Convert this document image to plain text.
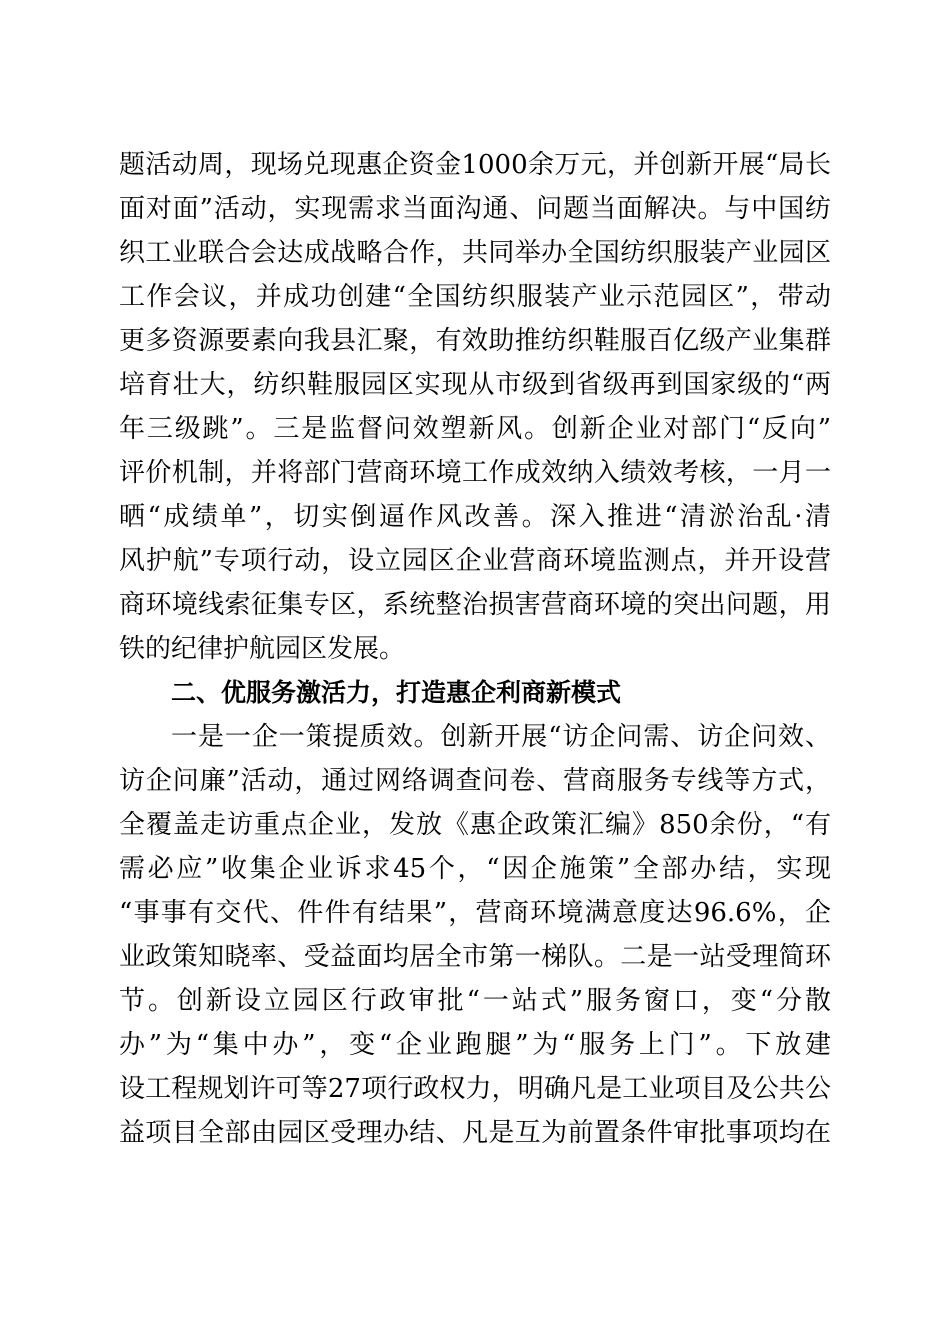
题活动周，现场兑现惠企资金1000余万元，并创新开展“局长
面对面”活动，实现需求当面沟通、问题当面解决。与中国纺
织工业联合会达成战略合作，共同举办全国纺织服装产业园区
工作会议，并成功创建“全国纺织服装产业示范园区”，带动
更多资源要素向我县汇聚，有效助推纺织鞋服百亿级产业集群
培育壮大，纺织鞋服园区实现从市级到省级再到国家级的“两
年三级跳”。三是监督问效塑新风。创新企业对部门“反向”
评价机制，并将部门营商环境工作成效纳入绩效考核，一月一
晒“成绩单”，切实倒逼作风改善。深入推进“清淤治乱·清
风护航”专项行动，设立园区企业营商环境监测点，并开设营
商环境线索征集专区，系统整治损害营商环境的突出问题，用
铁的纪律护航园区发展。
二、优服务激活力，打造惠企利商新模式
一是一企一策提质效。创新开展“访企问需、访企问效、
访企问廉”活动，通过网络调查问卷、营商服务专线等方式，
全覆盖走访重点企业，发放《惠企政策汇编》850余份，“有
需必应”收集企业诉求45个，“因企施策”全部办结，实现
“事事有交代、件件有结果”，营商环境满意度达96.6%，企
业政策知晓率、受益面均居全市第一梯队。二是一站受理简环
节。创新设立园区行政审批“一站式”服务窗口，变“分散
办”为“集中办”，变“企业跑腿”为“服务上门”。下放建
设工程规划许可等27项行政权力，明确凡是工业项目及公共公
益项目全部由园区受理办结、凡是互为前置条件审批事项均在
